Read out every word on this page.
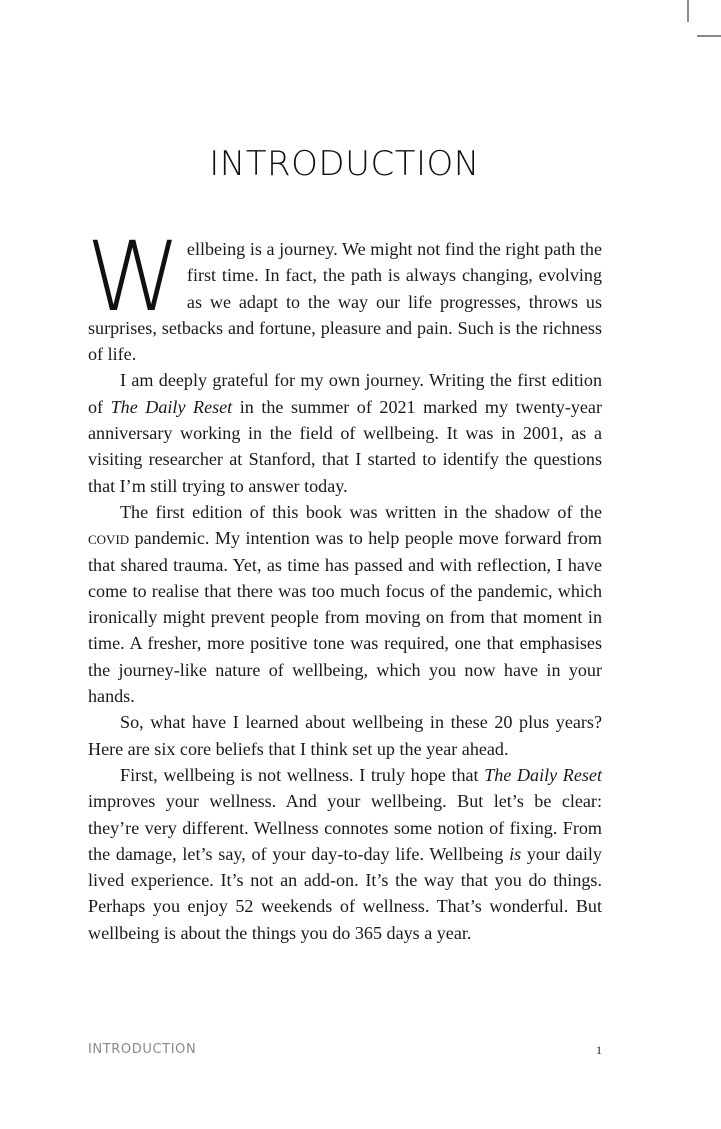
INTRODUCTION

Wellbeing is a journey. We might not find the right path the first time. In fact, the path is always changing, evolving as we adapt to the way our life progresses, throws us surprises, setbacks and fortune, pleasure and pain. Such is the richness of life.

I am deeply grateful for my own journey. Writing the first edition of The Daily Reset in the summer of 2021 marked my twenty-year anniversary working in the field of wellbeing. It was in 2001, as a visiting researcher at Stanford, that I started to identify the questions that I’m still trying to answer today.

The first edition of this book was written in the shadow of the covid pandemic. My intention was to help people move forward from that shared trauma. Yet, as time has passed and with reflection, I have come to realise that there was too much focus of the pandemic, which ironically might prevent people from moving on from that moment in time. A fresher, more positive tone was required, one that emphasises the journey-like nature of wellbeing, which you now have in your hands.

So, what have I learned about wellbeing in these 20 plus years? Here are six core beliefs that I think set up the year ahead.

First, wellbeing is not wellness. I truly hope that The Daily Reset improves your wellness. And your wellbeing. But let’s be clear: they’re very different. Wellness connotes some notion of fixing. From the damage, let’s say, of your day-to-day life. Wellbeing is your daily lived experience. It’s not an add-on. It’s the way that you do things. Perhaps you enjoy 52 weekends of wellness. That’s wonderful. But wellbeing is about the things you do 365 days a year.

INTRODUCTION	1
